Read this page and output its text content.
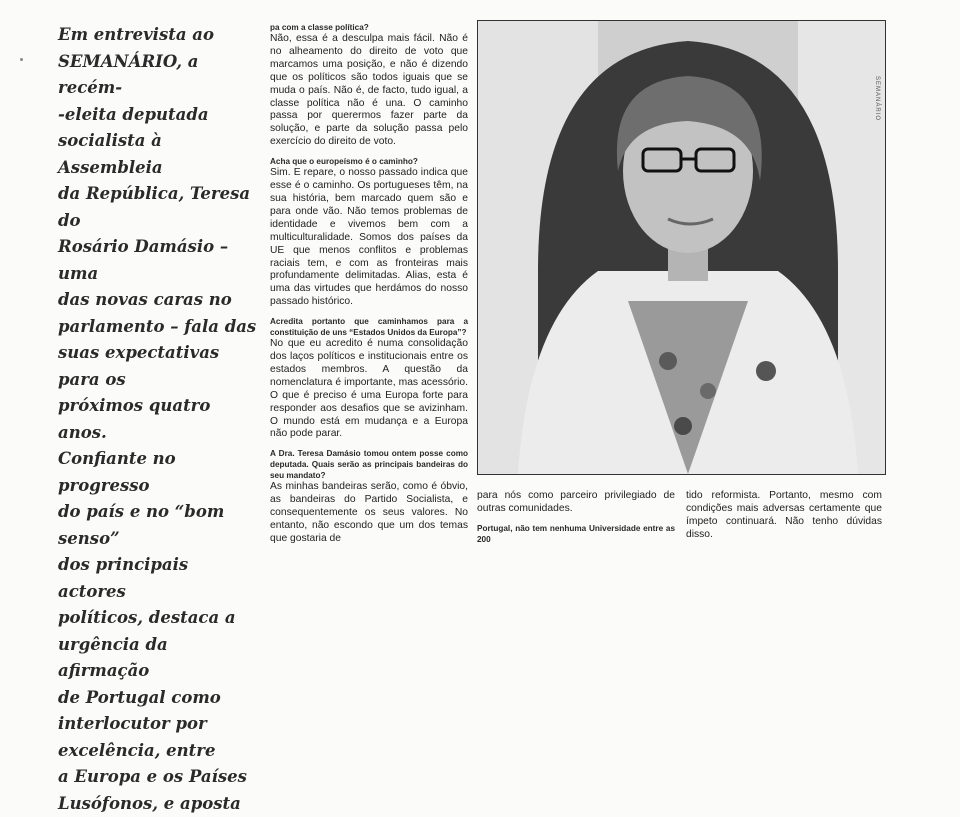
Em entrevista ao

SEMANÁRIO, a recém-

-eleita deputada

socialista à Assembleia

da República, Teresa do

Rosário Damásio – uma

das novas caras no

parlamento – fala das

suas expectativas para os

próximos quatro anos.

Confiante no progresso

do país e no “bom senso”

dos principais actores

políticos, destaca a

urgência da afirmação

de Portugal como

interlocutor por

excelência, entre

a Europa e os Países

Lusófonos, e aposta

pa com a classe política?

Não, essa é a desculpa mais fácil. Não é no alheamento do direito de voto que marcamos uma posição, e não é dizendo que os políticos são todos iguais que se muda o país. Não é, de facto, tudo igual, a classe política não é una. O caminho passa por querermos fazer parte da solução, e parte da solução passa pelo exercício do direito de voto.

Acha que o europeísmo é o caminho?

Sim. E repare, o nosso passado indica que esse é o caminho. Os portugueses têm, na sua história, bem marcado quem são e para onde vão. Não temos problemas de identidade e vivemos bem com a multiculturalidade. Somos dos países da UE que menos conflitos e problemas raciais tem, e com as fronteiras mais profundamente delimitadas. Alias, esta é uma das virtudes que herdámos do nosso passado histórico.

Acredita portanto que caminhamos para a constituição de uns “Estados Unidos da Europa”?

No que eu acredito é numa consolidação dos laços políticos e institucionais entre os estados membros. A questão da nomenclatura é importante, mas acessório. O que é preciso é uma Europa forte para responder aos desafios que se avizinham. O mundo está em mudança e a Europa não pode parar.

A Dra. Teresa Damásio tomou ontem posse como deputada. Quais serão as principais bandeiras do seu mandato?

As minhas bandeiras serão, como é óbvio, as bandeiras do Partido Socialista, e consequentemente os seus valores. No entanto, não escondo que um dos temas que gostaria de

SEMANÁRIO

para nós como parceiro privilegiado de outras comunidades.

Portugal, não tem nenhuma Universidade entre as 200

tido reformista. Portanto, mesmo com condições mais adversas certamente que ímpeto continuará. Não tenho dúvidas disso.
